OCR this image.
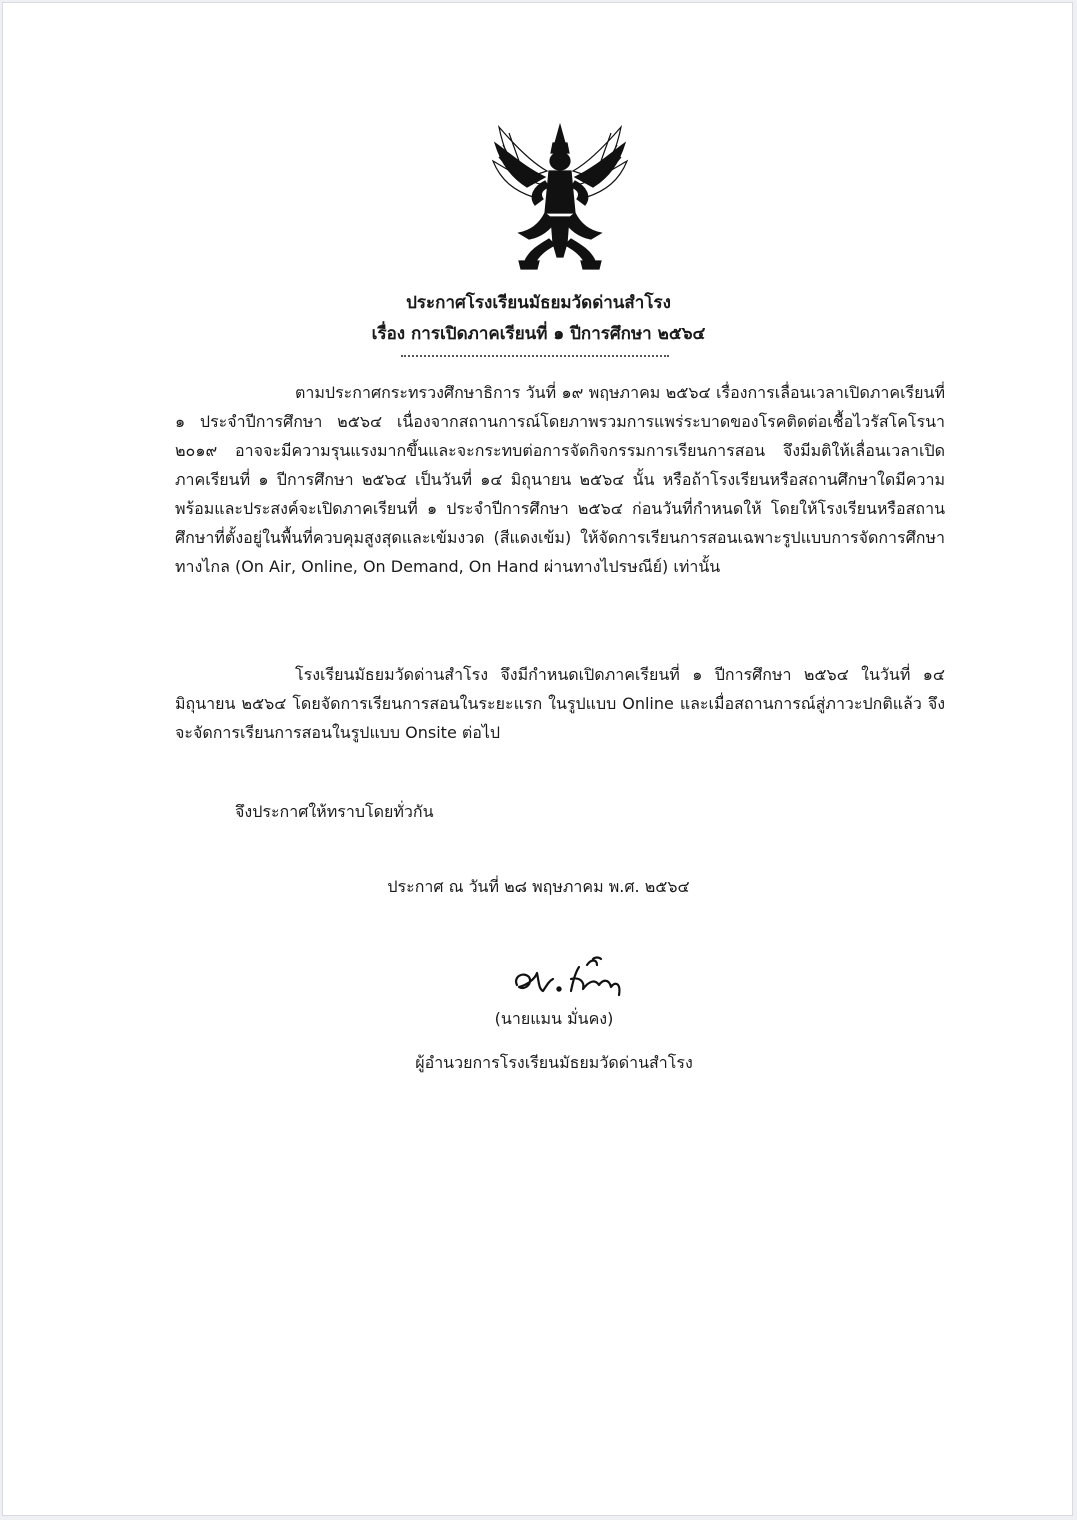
ประกาศโรงเรียนมัธยมวัดด่านสำโรง
เรื่อง การเปิดภาคเรียนที่ ๑ ปีการศึกษา ๒๕๖๔
ตามประกาศกระทรวงศึกษาธิการ วันที่ ๑๙ พฤษภาคม ๒๕๖๔ เรื่องการเลื่อนเวลาเปิดภาคเรียนที่ ๑ ประจำปีการศึกษา ๒๕๖๔ เนื่องจากสถานการณ์โดยภาพรวมการแพร่ระบาดของโรคติดต่อเชื้อไวรัสโคโรนา ๒๐๑๙ อาจจะมีความรุนแรงมากขึ้นและจะกระทบต่อการจัดกิจกรรมการเรียนการสอน จึงมีมติให้เลื่อนเวลาเปิดภาคเรียนที่ ๑ ปีการศึกษา ๒๕๖๔ เป็นวันที่ ๑๔ มิถุนายน ๒๕๖๔ นั้น หรือถ้าโรงเรียนหรือสถานศึกษาใดมีความพร้อมและประสงค์จะเปิดภาคเรียนที่ ๑ ประจำปีการศึกษา ๒๕๖๔ ก่อนวันที่กำหนดให้ โดยให้โรงเรียนหรือสถานศึกษาที่ตั้งอยู่ในพื้นที่ควบคุมสูงสุดและเข้มงวด (สีแดงเข้ม) ให้จัดการเรียนการสอนเฉพาะรูปแบบการจัดการศึกษาทางไกล (On Air, Online, On Demand, On Hand ผ่านทางไปรษณีย์) เท่านั้น
โรงเรียนมัธยมวัดด่านสำโรง จึงมีกำหนดเปิดภาคเรียนที่ ๑ ปีการศึกษา ๒๕๖๔ ในวันที่ ๑๔ มิถุนายน ๒๕๖๔ โดยจัดการเรียนการสอนในระยะแรก ในรูปแบบ Online และเมื่อสถานการณ์สู่ภาวะปกติแล้ว จึงจะจัดการเรียนการสอนในรูปแบบ Onsite ต่อไป
จึงประกาศให้ทราบโดยทั่วกัน
ประกาศ ณ วันที่ ๒๘ พฤษภาคม พ.ศ. ๒๕๖๔
(นายแมน มั่นคง)
ผู้อำนวยการโรงเรียนมัธยมวัดด่านสำโรง
